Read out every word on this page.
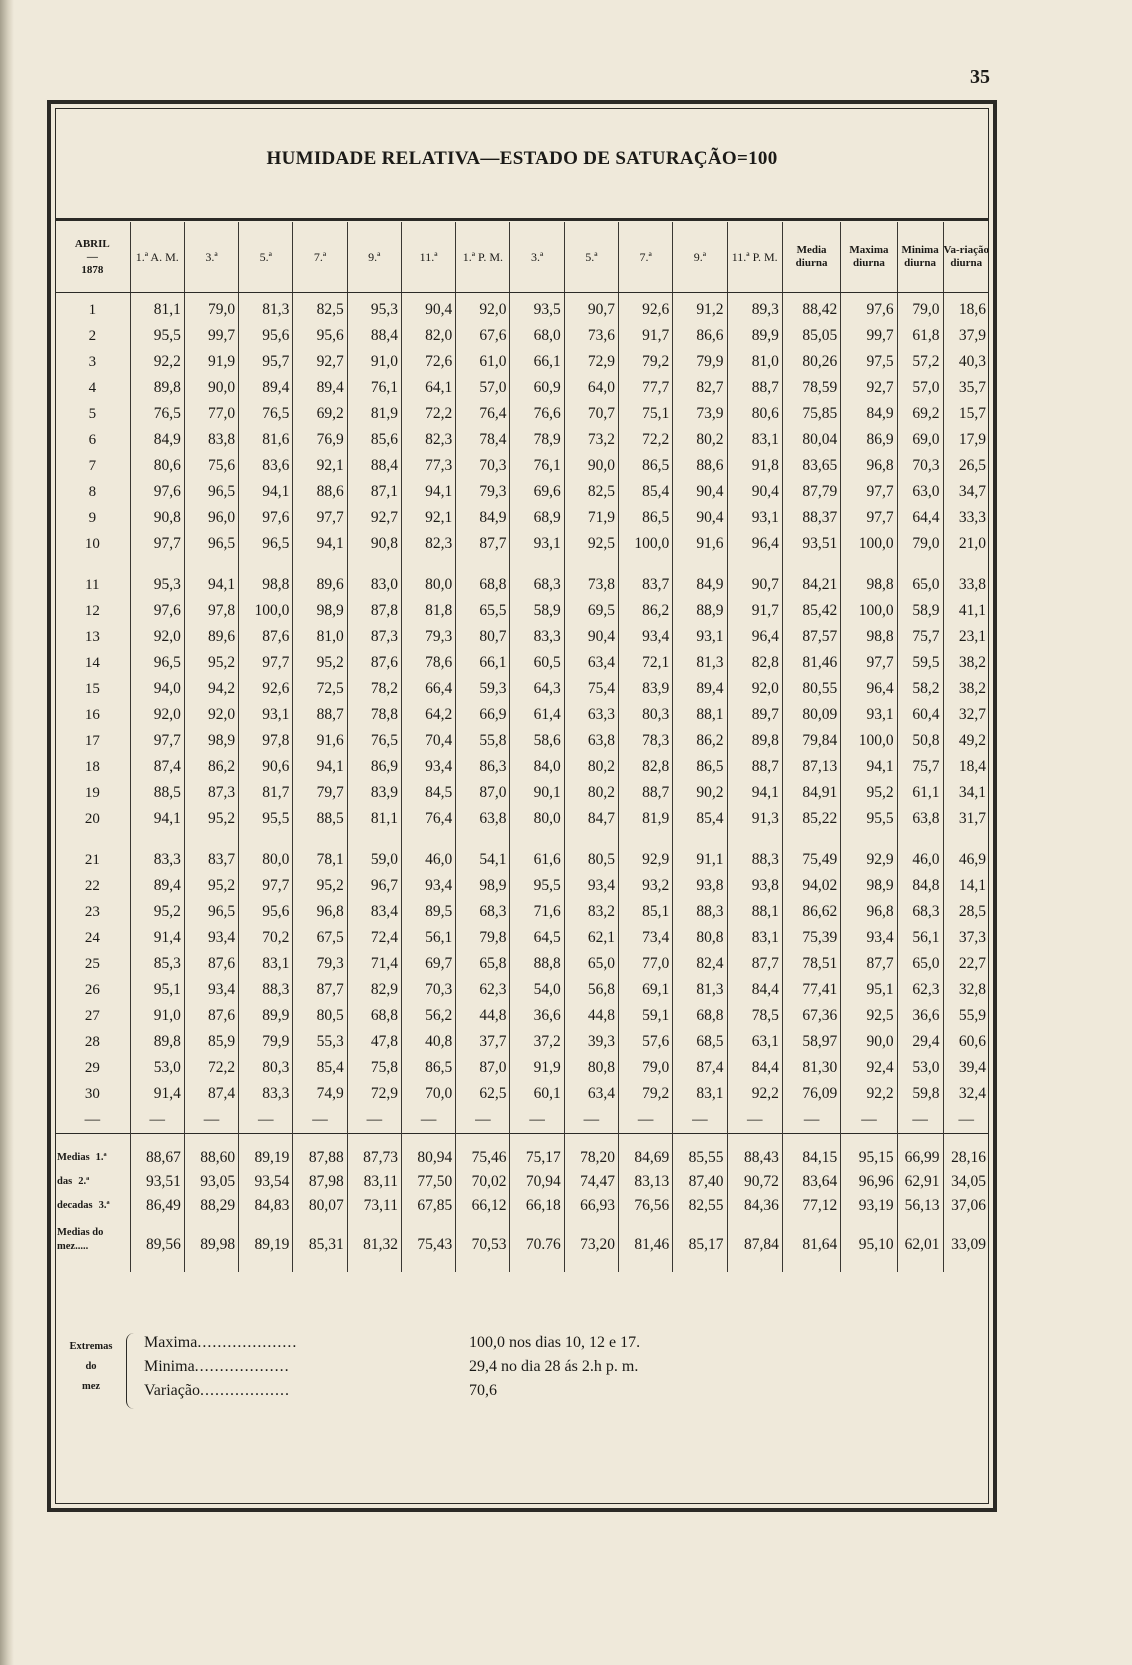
35
HUMIDADE RELATIVA—ESTADO DE SATURAÇÃO=100
ABRIL
—
1878	1.ª A. M.	3.ª	5.ª	7.ª	9.ª	11.ª	1.ª P. M.	3.ª	5.ª	7.ª	9.ª	11.ª P. M.	Media diurna	Maxima diurna	Minima diurna	Va-riação diurna
1	81,1	79,0	81,3	82,5	95,3	90,4	92,0	93,5	90,7	92,6	91,2	89,3	88,42	97,6	79,0	18,6
2	95,5	99,7	95,6	95,6	88,4	82,0	67,6	68,0	73,6	91,7	86,6	89,9	85,05	99,7	61,8	37,9
3	92,2	91,9	95,7	92,7	91,0	72,6	61,0	66,1	72,9	79,2	79,9	81,0	80,26	97,5	57,2	40,3
4	89,8	90,0	89,4	89,4	76,1	64,1	57,0	60,9	64,0	77,7	82,7	88,7	78,59	92,7	57,0	35,7
5	76,5	77,0	76,5	69,2	81,9	72,2	76,4	76,6	70,7	75,1	73,9	80,6	75,85	84,9	69,2	15,7
6	84,9	83,8	81,6	76,9	85,6	82,3	78,4	78,9	73,2	72,2	80,2	83,1	80,04	86,9	69,0	17,9
7	80,6	75,6	83,6	92,1	88,4	77,3	70,3	76,1	90,0	86,5	88,6	91,8	83,65	96,8	70,3	26,5
8	97,6	96,5	94,1	88,6	87,1	94,1	79,3	69,6	82,5	85,4	90,4	90,4	87,79	97,7	63,0	34,7
9	90,8	96,0	97,6	97,7	92,7	92,1	84,9	68,9	71,9	86,5	90,4	93,1	88,37	97,7	64,4	33,3
10	97,7	96,5	96,5	94,1	90,8	82,3	87,7	93,1	92,5	100,0	91,6	96,4	93,51	100,0	79,0	21,0

11	95,3	94,1	98,8	89,6	83,0	80,0	68,8	68,3	73,8	83,7	84,9	90,7	84,21	98,8	65,0	33,8
12	97,6	97,8	100,0	98,9	87,8	81,8	65,5	58,9	69,5	86,2	88,9	91,7	85,42	100,0	58,9	41,1
13	92,0	89,6	87,6	81,0	87,3	79,3	80,7	83,3	90,4	93,4	93,1	96,4	87,57	98,8	75,7	23,1
14	96,5	95,2	97,7	95,2	87,6	78,6	66,1	60,5	63,4	72,1	81,3	82,8	81,46	97,7	59,5	38,2
15	94,0	94,2	92,6	72,5	78,2	66,4	59,3	64,3	75,4	83,9	89,4	92,0	80,55	96,4	58,2	38,2
16	92,0	92,0	93,1	88,7	78,8	64,2	66,9	61,4	63,3	80,3	88,1	89,7	80,09	93,1	60,4	32,7
17	97,7	98,9	97,8	91,6	76,5	70,4	55,8	58,6	63,8	78,3	86,2	89,8	79,84	100,0	50,8	49,2
18	87,4	86,2	90,6	94,1	86,9	93,4	86,3	84,0	80,2	82,8	86,5	88,7	87,13	94,1	75,7	18,4
19	88,5	87,3	81,7	79,7	83,9	84,5	87,0	90,1	80,2	88,7	90,2	94,1	84,91	95,2	61,1	34,1
20	94,1	95,2	95,5	88,5	81,1	76,4	63,8	80,0	84,7	81,9	85,4	91,3	85,22	95,5	63,8	31,7

21	83,3	83,7	80,0	78,1	59,0	46,0	54,1	61,6	80,5	92,9	91,1	88,3	75,49	92,9	46,0	46,9
22	89,4	95,2	97,7	95,2	96,7	93,4	98,9	95,5	93,4	93,2	93,8	93,8	94,02	98,9	84,8	14,1
23	95,2	96,5	95,6	96,8	83,4	89,5	68,3	71,6	83,2	85,1	88,3	88,1	86,62	96,8	68,3	28,5
24	91,4	93,4	70,2	67,5	72,4	56,1	79,8	64,5	62,1	73,4	80,8	83,1	75,39	93,4	56,1	37,3
25	85,3	87,6	83,1	79,3	71,4	69,7	65,8	88,8	65,0	77,0	82,4	87,7	78,51	87,7	65,0	22,7
26	95,1	93,4	88,3	87,7	82,9	70,3	62,3	54,0	56,8	69,1	81,3	84,4	77,41	95,1	62,3	32,8
27	91,0	87,6	89,9	80,5	68,8	56,2	44,8	36,6	44,8	59,1	68,8	78,5	67,36	92,5	36,6	55,9
28	89,8	85,9	79,9	55,3	47,8	40,8	37,7	37,2	39,3	57,6	68,5	63,1	58,97	90,0	29,4	60,6
29	53,0	72,2	80,3	85,4	75,8	86,5	87,0	91,9	80,8	79,0	87,4	84,4	81,30	92,4	53,0	39,4
30	91,4	87,4	83,3	74,9	72,9	70,0	62,5	60,1	63,4	79,2	83,1	92,2	76,09	92,2	59,8	32,4
—	—	—	—	—	—	—	—	—	—	—	—	—	—	—	—	—

Medias 1.ª	88,67	88,60	89,19	87,88	87,73	80,94	75,46	75,17	78,20	84,69	85,55	88,43	84,15	95,15	66,99	28,16
das 2.ª	93,51	93,05	93,54	87,98	83,11	77,50	70,02	70,94	74,47	83,13	87,40	90,72	83,64	96,96	62,91	34,05
decadas 3.ª	86,49	88,29	84,83	80,07	73,11	67,85	66,12	66,18	66,93	76,56	82,55	84,36	77,12	93,19	56,13	37,06

Medias do
mez.....	89,56	89,98	89,19	85,31	81,32	75,43	70,53	70.76	73,20	81,46	85,17	87,84	81,64	95,10	62,01	33,09

Extremas
do
mez
Maxima....................	100,0 nos dias 10, 12 e 17.
Minima...................	29,4 no dia 28 ás 2.h p. m.
Variação..................	70,6
